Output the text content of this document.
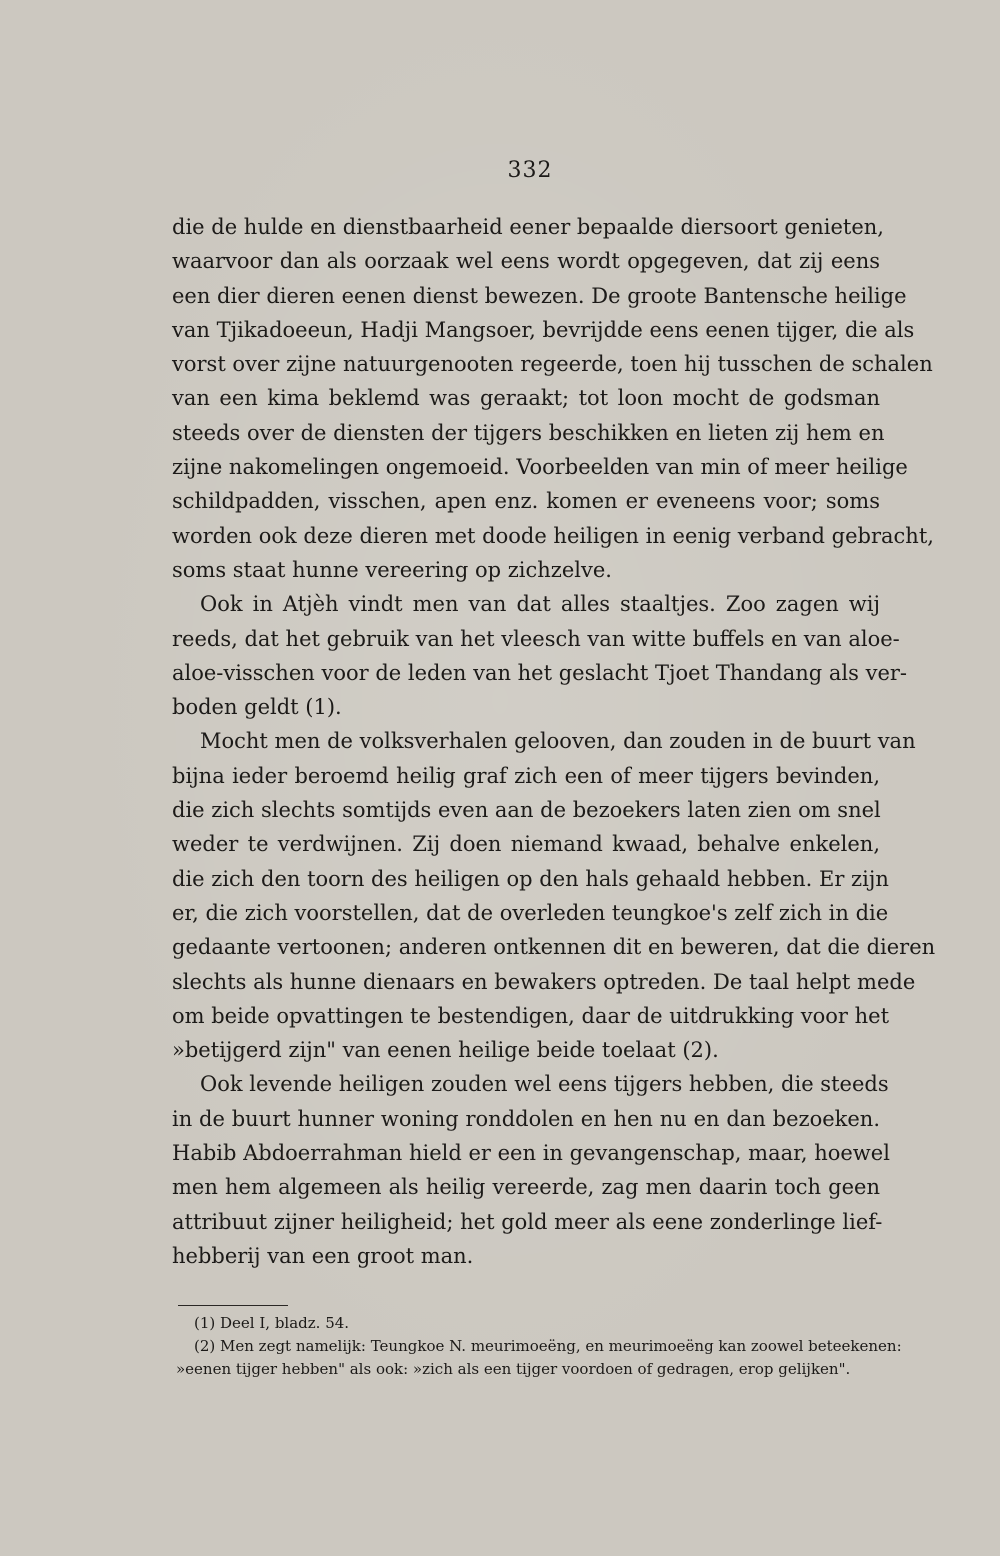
332
die de hulde en dienstbaarheid eener bepaalde diersoort genieten,
waarvoor dan als oorzaak wel eens wordt opgegeven, dat zij eens
een dier dieren eenen dienst bewezen. De groote Bantensche heilige
van Tjikadoeeun, Hadji Mangsoer, bevrijdde eens eenen tijger, die als
vorst over zijne natuurgenooten regeerde, toen hij tusschen de schalen
van een kima beklemd was geraakt; tot loon mocht de godsman
steeds over de diensten der tijgers beschikken en lieten zij hem en
zijne nakomelingen ongemoeid. Voorbeelden van min of meer heilige
schildpadden, visschen, apen enz. komen er eveneens voor; soms
worden ook deze dieren met doode heiligen in eenig verband gebracht,
soms staat hunne vereering op zichzelve.
Ook in Atjèh vindt men van dat alles staaltjes. Zoo zagen wij
reeds, dat het gebruik van het vleesch van witte buffels en van aloe-
aloe-visschen voor de leden van het geslacht Tjoet Thandang als ver-
boden geldt (1).
Mocht men de volksverhalen gelooven, dan zouden in de buurt van
bijna ieder beroemd heilig graf zich een of meer tijgers bevinden,
die zich slechts somtijds even aan de bezoekers laten zien om snel
weder te verdwijnen. Zij doen niemand kwaad, behalve enkelen,
die zich den toorn des heiligen op den hals gehaald hebben. Er zijn
er, die zich voorstellen, dat de overleden teungkoe's zelf zich in die
gedaante vertoonen; anderen ontkennen dit en beweren, dat die dieren
slechts als hunne dienaars en bewakers optreden. De taal helpt mede
om beide opvattingen te bestendigen, daar de uitdrukking voor het
»betijgerd zijn" van eenen heilige beide toelaat (2).
Ook levende heiligen zouden wel eens tijgers hebben, die steeds
in de buurt hunner woning ronddolen en hen nu en dan bezoeken.
Habib Abdoerrahman hield er een in gevangenschap, maar, hoewel
men hem algemeen als heilig vereerde, zag men daarin toch geen
attribuut zijner heiligheid; het gold meer als eene zonderlinge lief-
hebberij van een groot man.
(1) Deel I, bladz. 54.
(2) Men zegt namelijk: Teungkoe N. meurimoeëng, en meurimoeëng kan zoowel beteekenen:
»eenen tijger hebben" als ook: »zich als een tijger voordoen of gedragen, erop gelijken".
